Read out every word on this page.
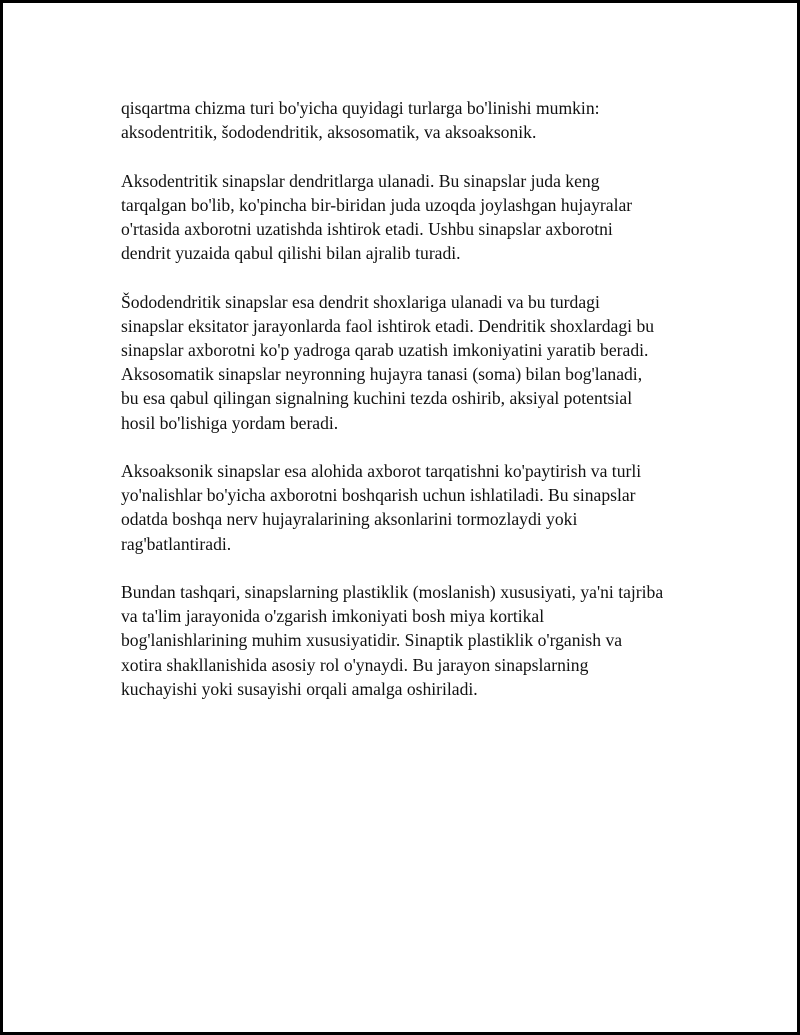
qisqartma chizma turi bo'yicha quyidagi turlarga bo'linishi mumkin:
aksodentritik, šododendritik, aksosomatik, va aksoaksonik.

Aksodentritik sinapslar dendritlarga ulanadi. Bu sinapslar juda keng
tarqalgan bo'lib, ko'pincha bir-biridan juda uzoqda joylashgan hujayralar
o'rtasida axborotni uzatishda ishtirok etadi. Ushbu sinapslar axborotni
dendrit yuzaida qabul qilishi bilan ajralib turadi.

Šododendritik sinapslar esa dendrit shoxlariga ulanadi va bu turdagi
sinapslar eksitator jarayonlarda faol ishtirok etadi. Dendritik shoxlardagi bu
sinapslar axborotni ko'p yadroga qarab uzatish imkoniyatini yaratib beradi.
Aksosomatik sinapslar neyronning hujayra tanasi (soma) bilan bog'lanadi,
bu esa qabul qilingan signalning kuchini tezda oshirib, aksiyal potentsial
hosil bo'lishiga yordam beradi.

Aksoaksonik sinapslar esa alohida axborot tarqatishni ko'paytirish va turli
yo'nalishlar bo'yicha axborotni boshqarish uchun ishlatiladi. Bu sinapslar
odatda boshqa nerv hujayralarining aksonlarini tormozlaydi yoki
rag'batlantiradi.

Bundan tashqari, sinapslarning plastiklik (moslanish) xususiyati, ya'ni tajriba
va ta'lim jarayonida o'zgarish imkoniyati bosh miya kortikal
bog'lanishlarining muhim xususiyatidir. Sinaptik plastiklik o'rganish va
xotira shakllanishida asosiy rol o'ynaydi. Bu jarayon sinapslarning
kuchayishi yoki susayishi orqali amalga oshiriladi.
